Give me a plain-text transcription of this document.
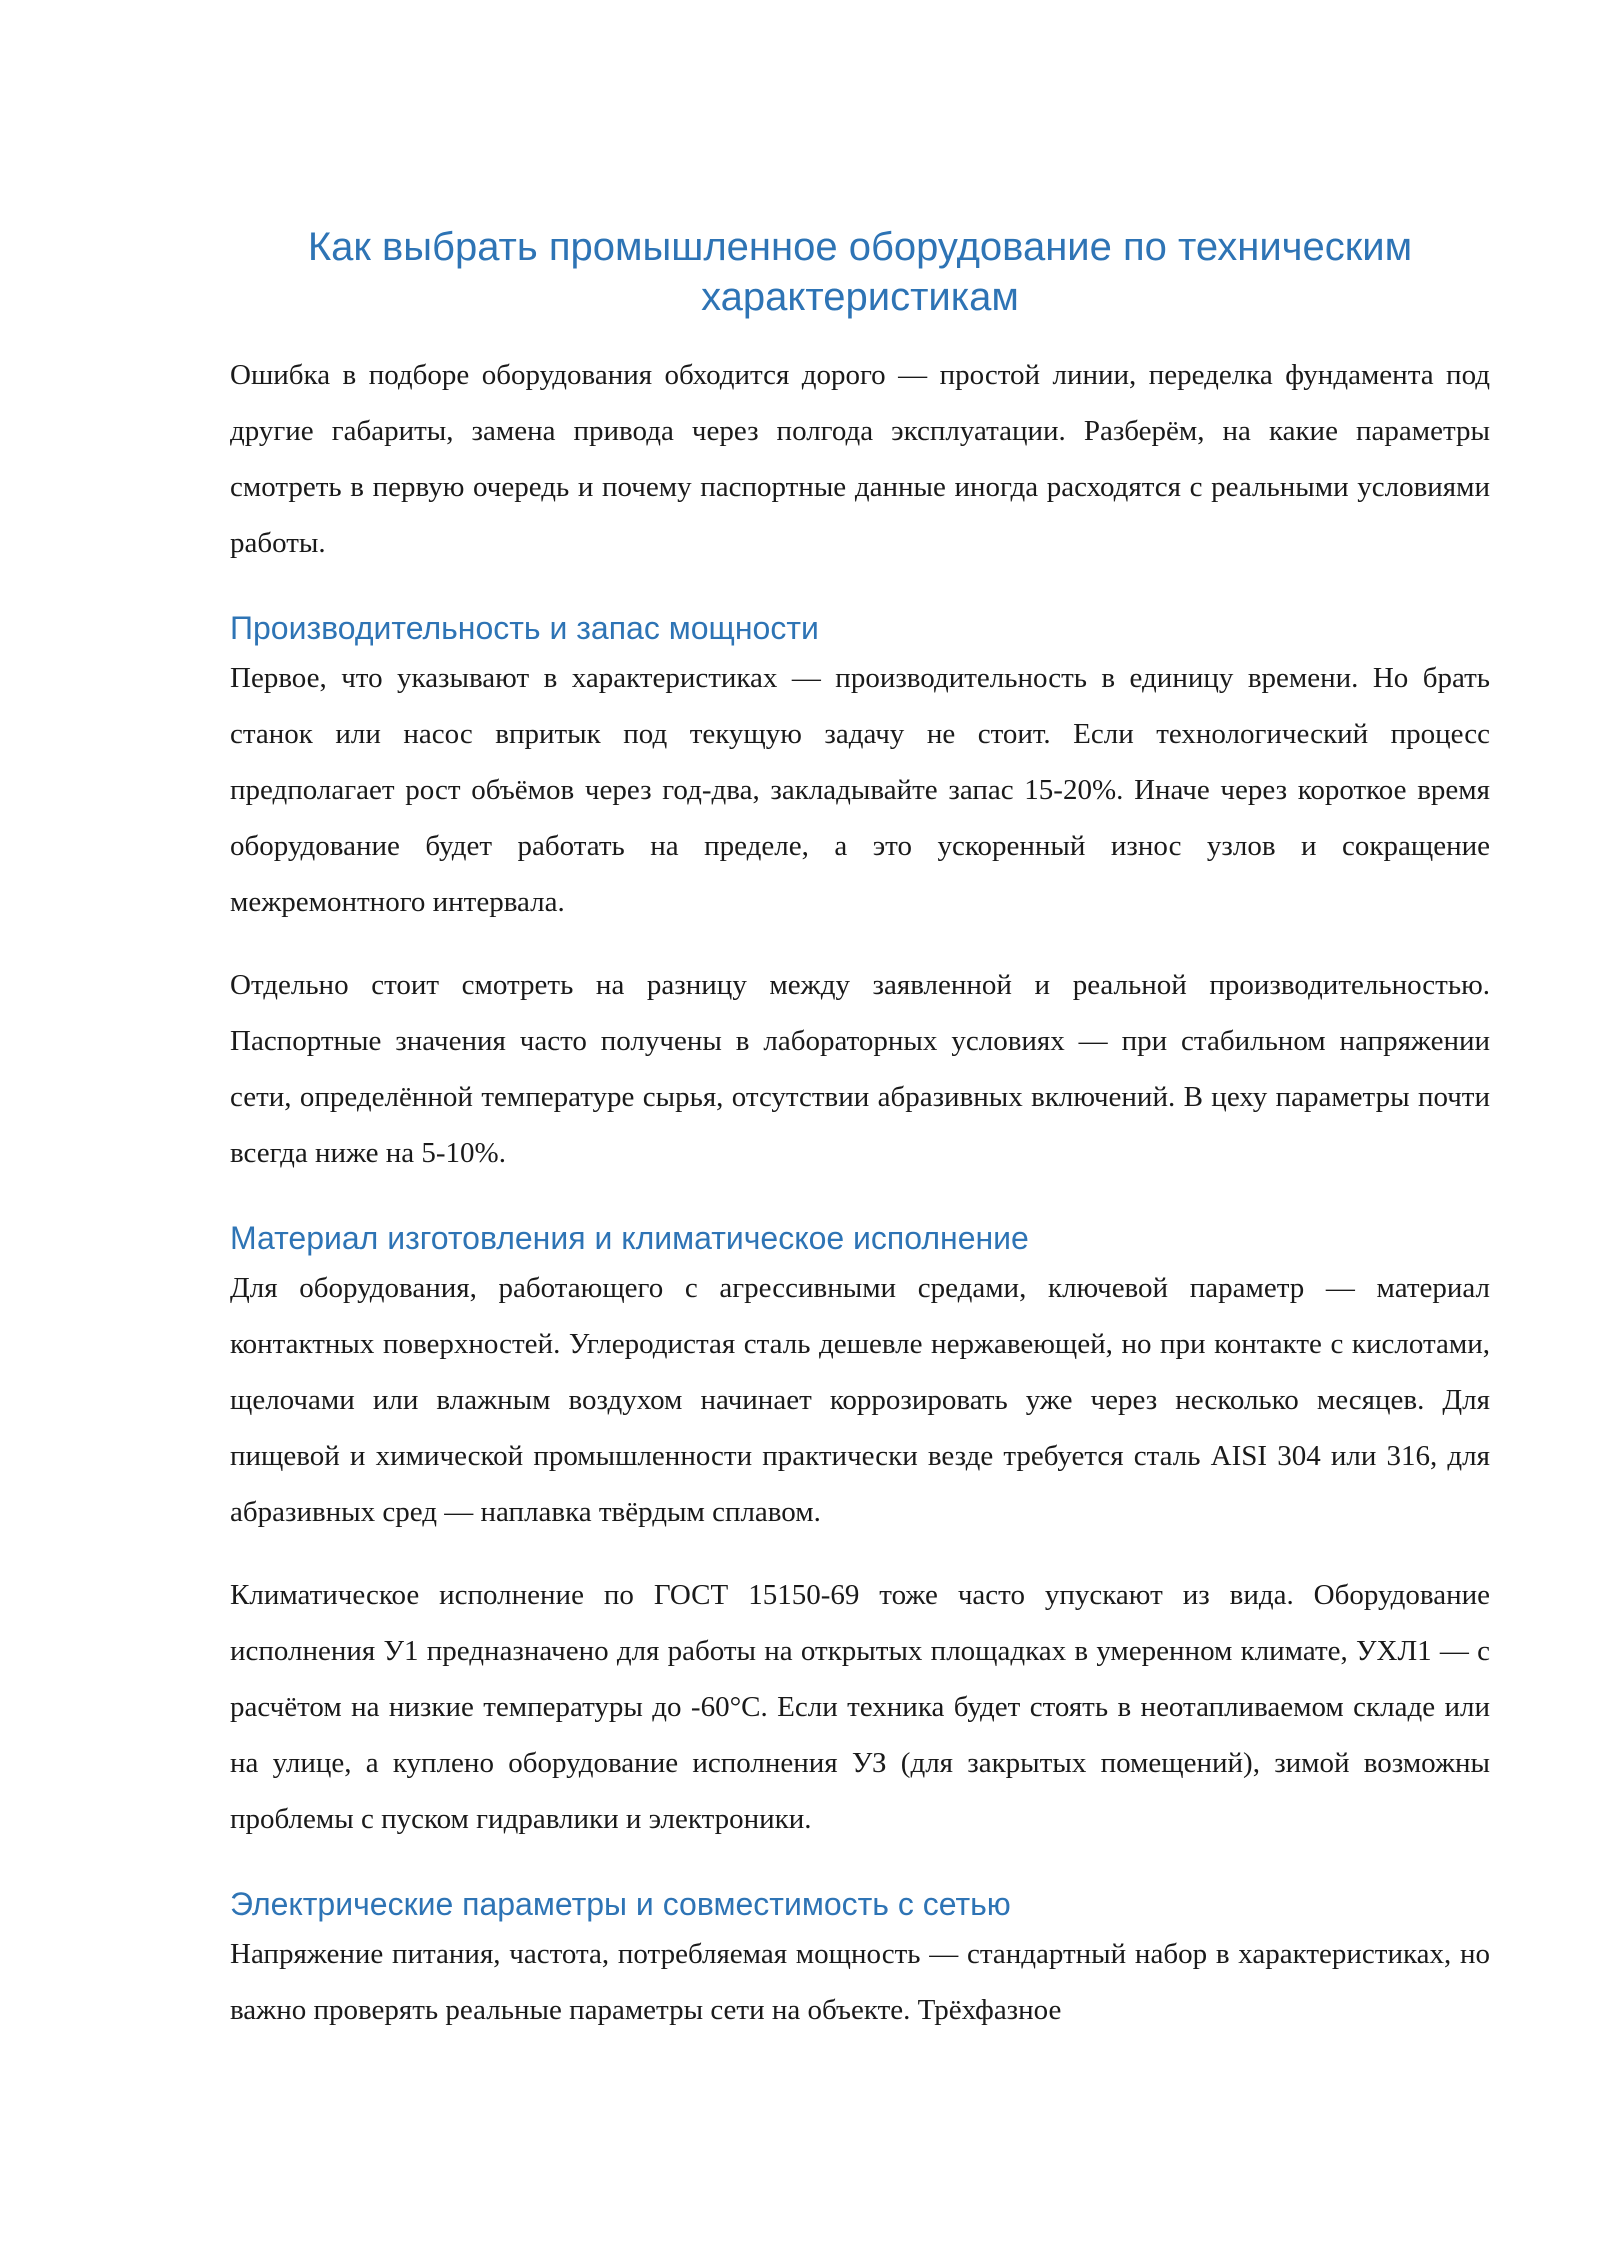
Как выбрать промышленное оборудование по техническим характеристикам

Ошибка в подборе оборудования обходится дорого — простой линии, переделка фундамента под другие габариты, замена привода через полгода эксплуатации. Разберём, на какие параметры смотреть в первую очередь и почему паспортные данные иногда расходятся с реальными условиями работы.

Производительность и запас мощности

Первое, что указывают в характеристиках — производительность в единицу времени. Но брать станок или насос впритык под текущую задачу не стоит. Если технологический процесс предполагает рост объёмов через год-два, закладывайте запас 15-20%. Иначе через короткое время оборудование будет работать на пределе, а это ускоренный износ узлов и сокращение межремонтного интервала.

Отдельно стоит смотреть на разницу между заявленной и реальной производительностью. Паспортные значения часто получены в лабораторных условиях — при стабильном напряжении сети, определённой температуре сырья, отсутствии абразивных включений. В цеху параметры почти всегда ниже на 5-10%.

Материал изготовления и климатическое исполнение

Для оборудования, работающего с агрессивными средами, ключевой параметр — материал контактных поверхностей. Углеродистая сталь дешевле нержавеющей, но при контакте с кислотами, щелочами или влажным воздухом начинает коррозировать уже через несколько месяцев. Для пищевой и химической промышленности практически везде требуется сталь AISI 304 или 316, для абразивных сред — наплавка твёрдым сплавом.

Климатическое исполнение по ГОСТ 15150-69 тоже часто упускают из вида. Оборудование исполнения У1 предназначено для работы на открытых площадках в умеренном климате, УХЛ1 — с расчётом на низкие температуры до -60°С. Если техника будет стоять в неотапливаемом складе или на улице, а куплено оборудование исполнения УЗ (для закрытых помещений), зимой возможны проблемы с пуском гидравлики и электроники.

Электрические параметры и совместимость с сетью

Напряжение питания, частота, потребляемая мощность — стандартный набор в характеристиках, но важно проверять реальные параметры сети на объекте. Трёхфазное
